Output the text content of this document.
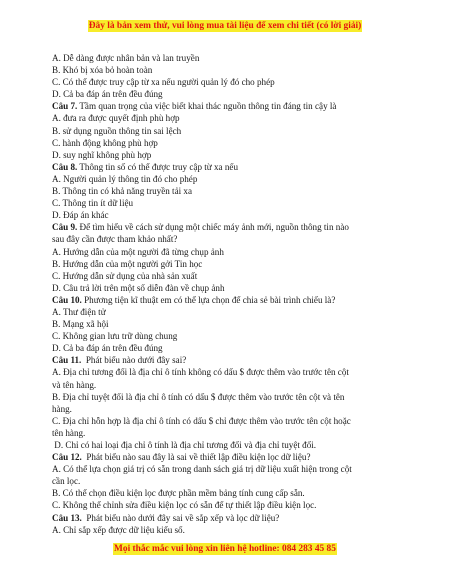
Đây là bản xem thử, vui lòng mua tài liệu để xem chi tiết (có lời giải)
A. Dễ dàng được nhân bản và lan truyền
B. Khó bị xóa bỏ hoàn toàn
C. Có thể được truy cập từ xa nếu người quản lý đó cho phép
D. Cả ba đáp án trên đều đúng
Câu 7. Tầm quan trọng của việc biết khai thác nguồn thông tin đáng tin cậy là
A. đưa ra được quyết định phù hợp
B. sử dụng nguồn thông tin sai lệch
C. hành động không phù hợp
D. suy nghĩ không phù hợp
Câu 8. Thông tin số có thể được truy cập từ xa nếu
A. Người quản lý thông tin đó cho phép
B. Thông tin có khả năng truyền tải xa
C. Thông tin ít dữ liệu
D. Đáp án khác
Câu 9. Để tìm hiểu về cách sử dụng một chiếc máy ảnh mới, nguồn thông tin nào
sau đây cần được tham khảo nhất?
A. Hướng dẫn của một người đã từng chụp ảnh
B. Hướng dẫn của một người gởi Tin học
C. Hướng dẫn sử dụng của nhà sản xuất
D. Câu trả lời trên một số diễn đàn về chụp ảnh
Câu 10. Phương tiện kĩ thuật em có thể lựa chọn để chia sẻ bài trình chiếu là?
A. Thư điện tử
B. Mạng xã hội
C. Không gian lưu trữ dùng chung
D. Cả ba đáp án trên đều đúng
Câu 11.  Phát biểu nào dưới đây sai?
A. Địa chỉ tương đối là địa chỉ ô tính không có dấu $ được thêm vào trước tên cột
và tên hàng.
B. Địa chỉ tuyệt đối là địa chỉ ô tính có dấu $ được thêm vào trước tên cột và tên
hàng.
C. Địa chỉ hỗn hợp là địa chỉ ô tính có dấu $ chỉ được thêm vào trước tên cột hoặc
tên hàng.
D. Chỉ có hai loại địa chỉ ô tính là địa chỉ tương đối và địa chỉ tuyệt đối.
Câu 12.  Phát biểu nào sau đây là sai về thiết lập điều kiện lọc dữ liệu?
A. Có thể lựa chọn giá trị có sẵn trong danh sách giá trị dữ liệu xuất hiện trong cột
cần lọc.
B. Có thể chọn điều kiện lọc được phần mềm bảng tính cung cấp sẵn.
C. Không thể chỉnh sửa điều kiện lọc có sẵn để tự thiết lập điều kiện lọc.
Câu 13.  Phát biểu nào dưới đây sai về sắp xếp và lọc dữ liệu?
A. Chỉ sắp xếp được dữ liệu kiểu số.
Mọi thắc mắc vui lòng xin liên hệ hotline: 084 283 45 85
